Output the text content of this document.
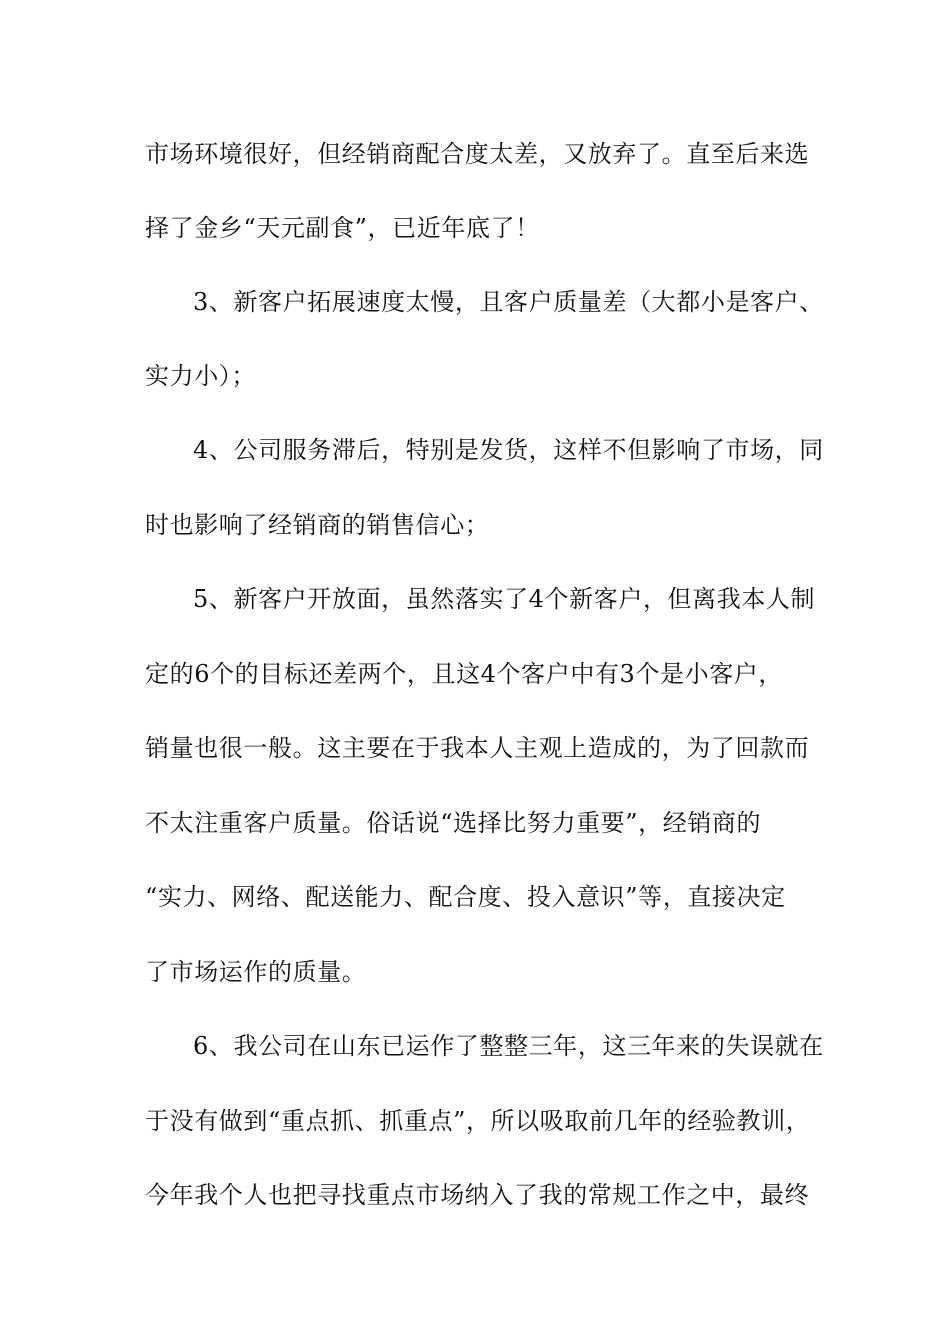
市场环境很好，但经销商配合度太差，又放弃了。直至后来选
择了金乡“天元副食”，已近年底了！
3、新客户拓展速度太慢，且客户质量差（大都小是客户、
实力小）；
4、公司服务滞后，特别是发货，这样不但影响了市场，同
时也影响了经销商的销售信心；
5、新客户开放面，虽然落实了4个新客户，但离我本人制
定的6个的目标还差两个，且这4个客户中有3个是小客户，
销量也很一般。这主要在于我本人主观上造成的，为了回款而
不太注重客户质量。俗话说“选择比努力重要”，经销商的
“实力、网络、配送能力、配合度、投入意识”等，直接决定
了市场运作的质量。
6、我公司在山东已运作了整整三年，这三年来的失误就在
于没有做到“重点抓、抓重点”，所以吸取前几年的经验教训，
今年我个人也把寻找重点市场纳入了我的常规工作之中，最终
